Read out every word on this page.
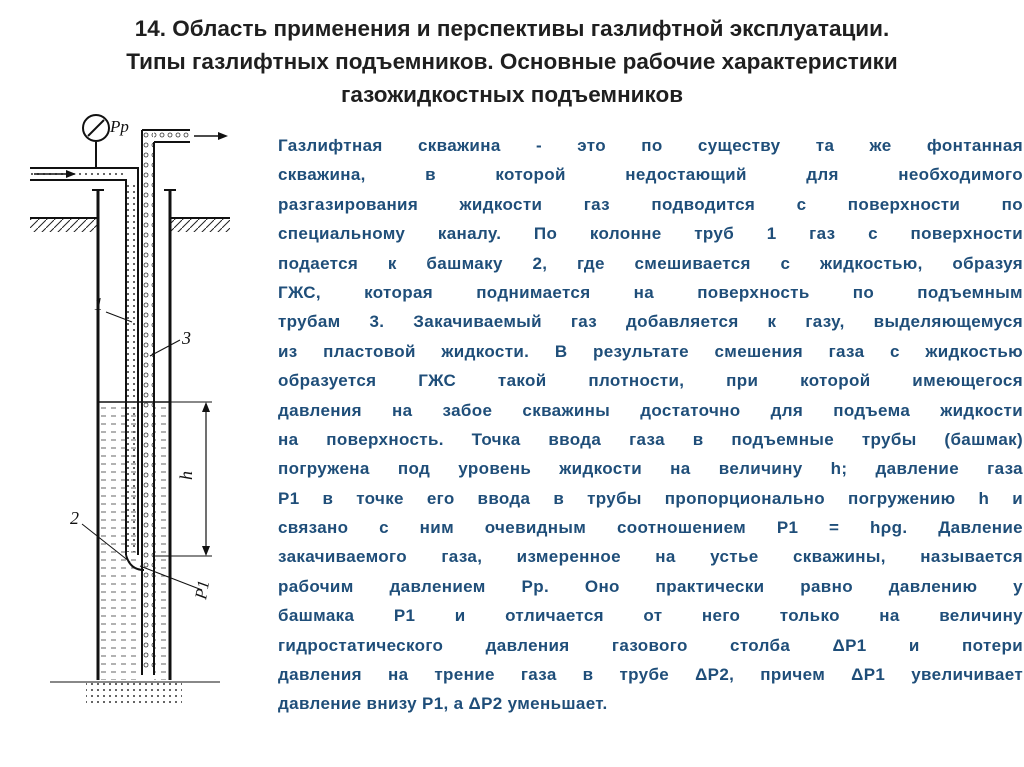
14. Область применения и перспективы газлифтной эксплуатации.
Типы газлифтных подъемников. Основные рабочие характеристики
газожидкостных подъемников
Pp
1
3
h
2
P1
Газлифтная скважина - это по существу та же фонтанная
скважина, в которой недостающий для необходимого
разгазирования жидкости газ подводится с поверхности по
специальному каналу. По колонне труб 1 газ с поверхности
подается к башмаку 2, где смешивается с жидкостью, образуя
ГЖС, которая поднимается на поверхность по подъемным
трубам 3. Закачиваемый газ добавляется к газу, выделяющемуся
из пластовой жидкости. В результате смешения газа с жидкостью
образуется ГЖС такой плотности, при которой имеющегося
давления на забое скважины достаточно для подъема жидкости
на поверхность. Точка ввода газа в подъемные трубы (башмак)
погружена под уровень жидкости на величину h; давление газа
Р1 в точке его ввода в трубы пропорционально погружению h и
связано с ним очевидным соотношением Р1 = hρg. Давление
закачиваемого газа, измеренное на устье скважины, называется
рабочим давлением Рр. Оно практически равно давлению у
башмака Р1 и отличается от него только на величину
гидростатического давления газового столба ΔР1 и потери
давления на трение газа в трубе ΔР2, причем ΔР1 увеличивает
давление внизу Р1, а ΔР2 уменьшает.
